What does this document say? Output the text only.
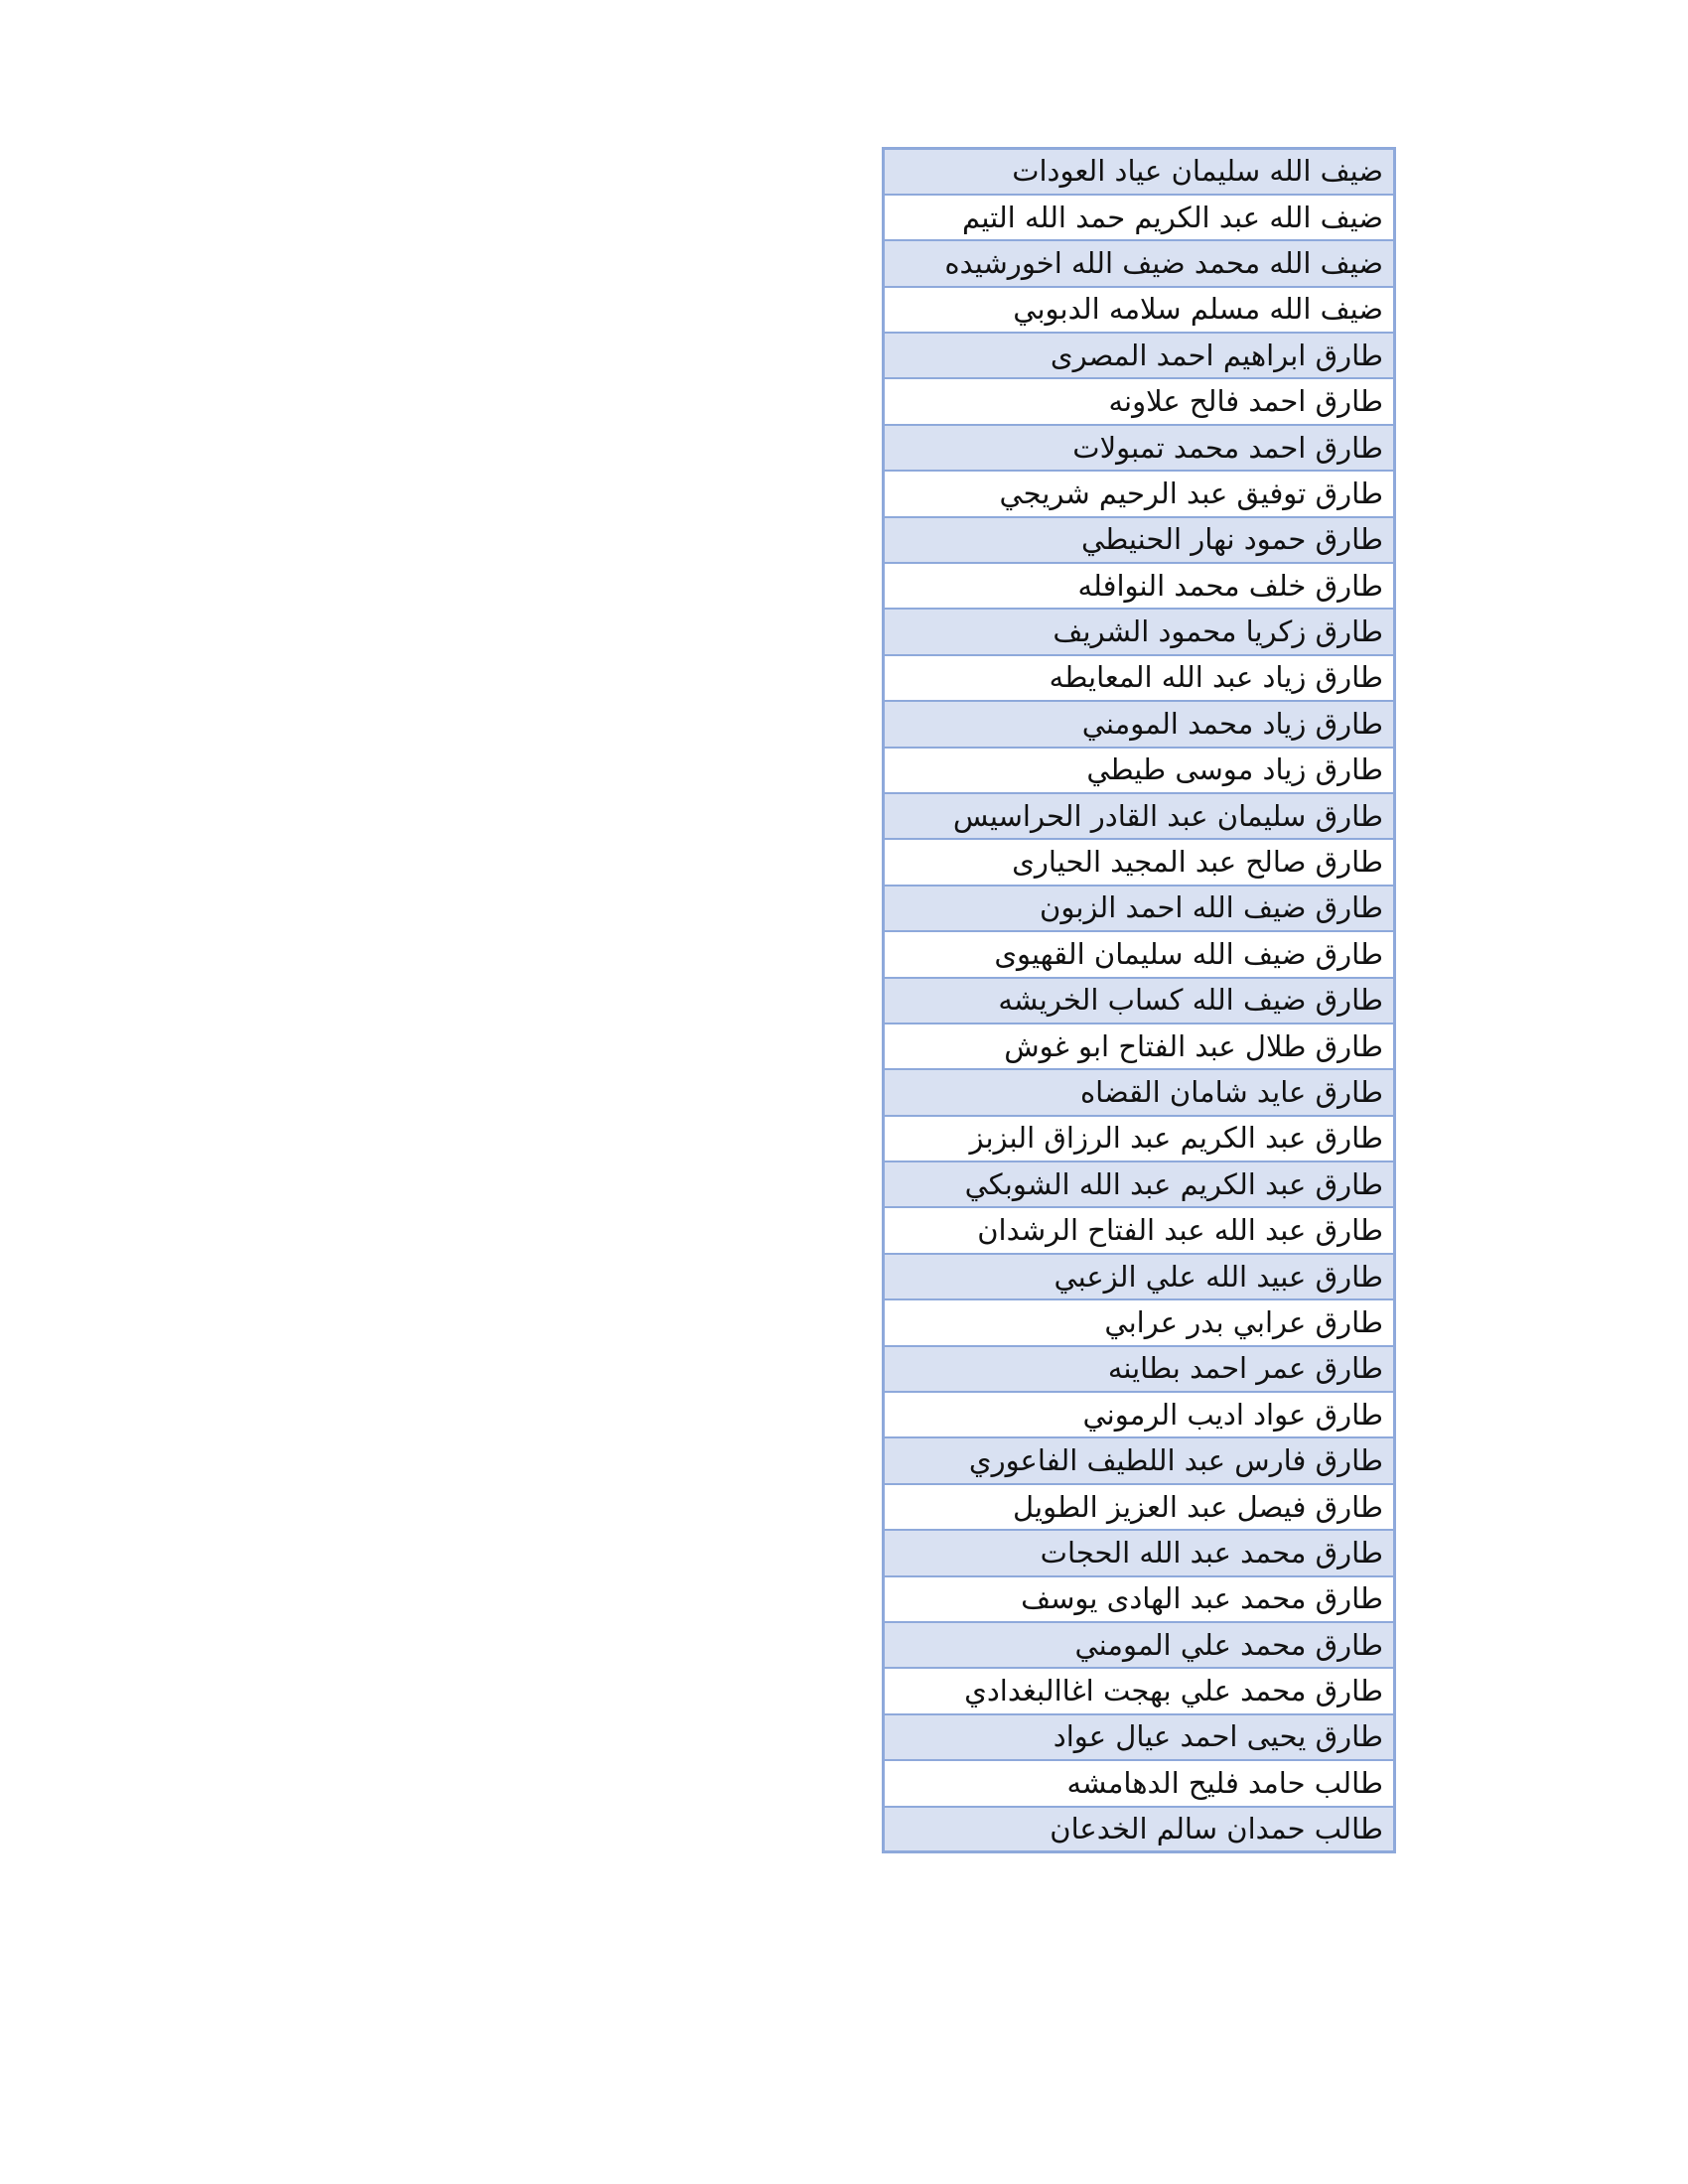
ضيف الله سليمان عياد العودات
ضيف الله عبد الكريم حمد الله التيم
ضيف الله محمد ضيف الله اخورشيده
ضيف الله مسلم سلامه الدبوبي
طارق ابراهيم احمد المصرى
طارق احمد فالح علاونه
طارق احمد محمد تمبولات
طارق توفيق عبد الرحيم شريجي
طارق حمود نهار الحنيطي
طارق خلف محمد النوافله
طارق زكريا محمود الشريف
طارق زياد عبد الله المعايطه
طارق زياد محمد المومني
طارق زياد موسى طيطي
طارق سليمان عبد القادر الحراسيس
طارق صالح عبد المجيد الحيارى
طارق ضيف الله احمد الزبون
طارق ضيف الله سليمان القهيوى
طارق ضيف الله كساب الخريشه
طارق طلال عبد الفتاح ابو غوش
طارق عايد شامان القضاه
طارق عبد الكريم عبد الرزاق البزبز
طارق عبد الكريم عبد الله الشوبكي
طارق عبد الله عبد الفتاح الرشدان
طارق عبيد الله علي الزعبي
طارق عرابي بدر عرابي
طارق عمر احمد بطاينه
طارق عواد اديب الرموني
طارق فارس عبد اللطيف الفاعوري
طارق فيصل عبد العزيز الطويل
طارق محمد عبد الله الحجات
طارق محمد عبد الهادى يوسف
طارق محمد علي المومني
طارق محمد علي بهجت اغاالبغدادي
طارق يحيى احمد عيال عواد
طالب حامد فليح الدهامشه
طالب حمدان سالم الخدعان
